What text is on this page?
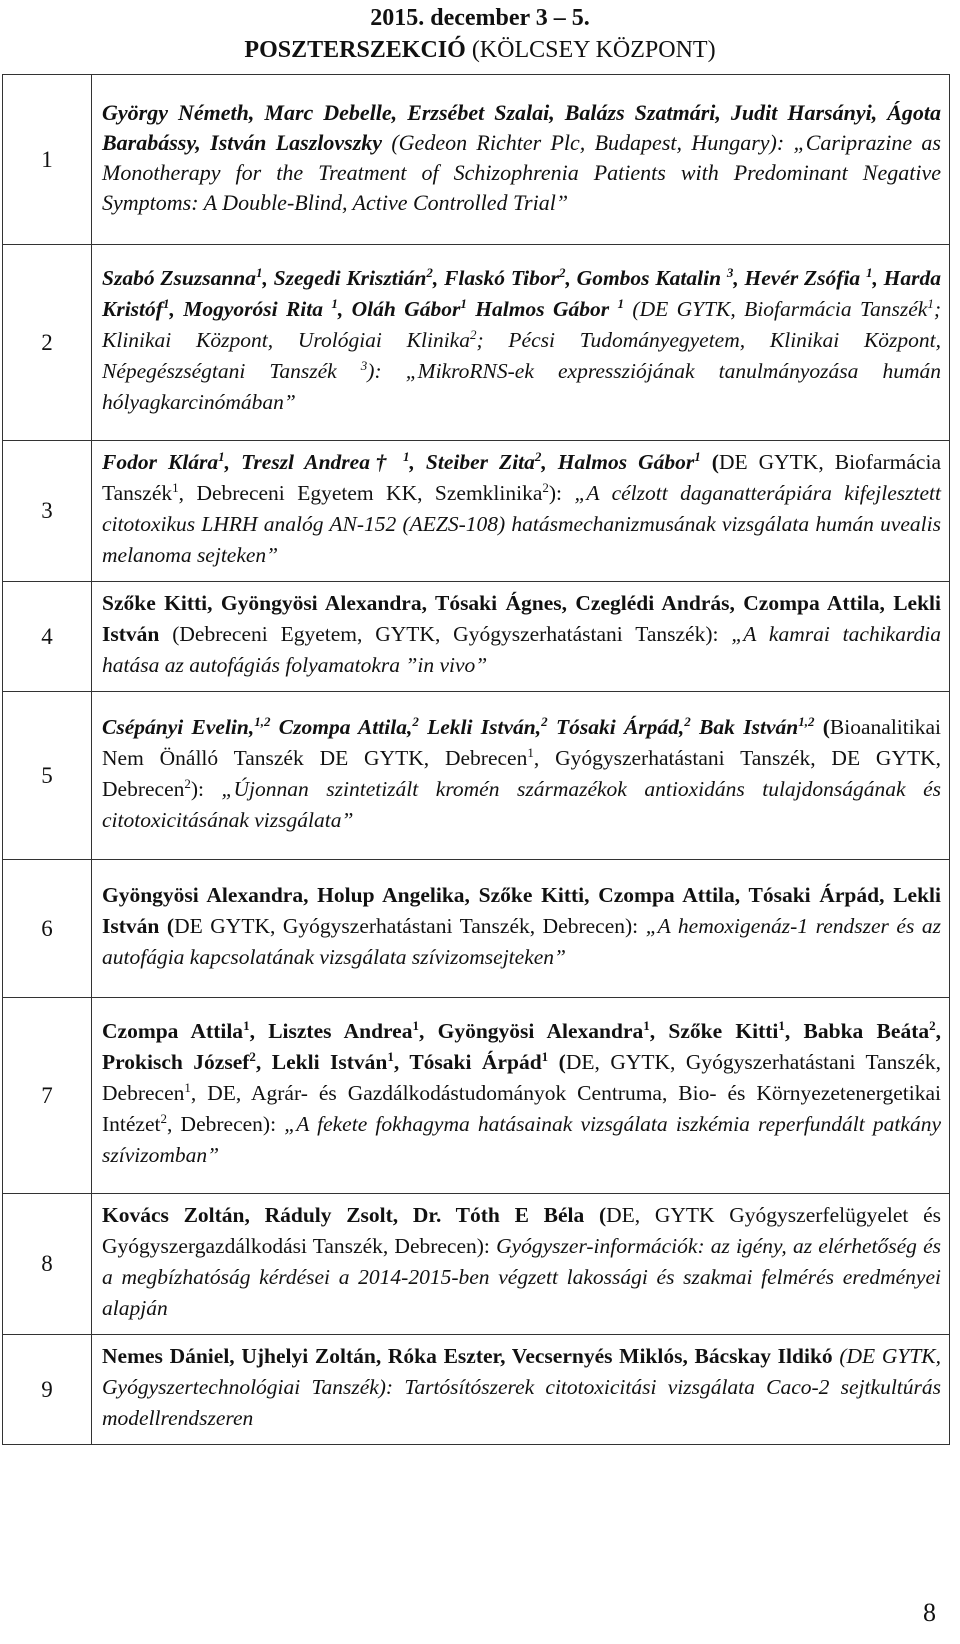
2015. december 3 – 5.
POSZTERSZEKCIÓ (KÖLCSEY KÖZPONT)
1	György Németh, Marc Debelle, Erzsébet Szalai, Balázs Szatmári, Judit Harsányi, Ágota Barabássy, István Laszlovszky (Gedeon Richter Plc, Budapest, Hungary): „Cariprazine as Monotherapy for the Treatment of Schizophrenia Patients with Predominant Negative Symptoms: A Double-Blind, Active Controlled Trial”
2	Szabó Zsuzsanna$^1$, Szegedi Krisztián$^2$, Flaskó Tibor$^2$, Gombos Katalin $^3$, Hevér Zsófia $^1$, Harda Kristóf$^1$, Mogyorósi Rita $^1$, Oláh Gábor$^1$ Halmos Gábor $^1$ (DE GYTK, Biofarmácia Tanszék$^1$; Klinikai Központ, Urológiai Klinika$^2$; Pécsi Tudományegyetem, Klinikai Központ, Népegészségtani Tanszék $^3$): „MikroRNS-ek expressziójának tanulmányozása humán hólyagkarcinómában”
3	Fodor Klára$^1$, Treszl Andrea† $^1$, Steiber Zita$^2$, Halmos Gábor$^1$ (DE GYTK, Biofarmácia Tanszék$^1$, Debreceni Egyetem KK, Szemklinika$^2$): „A célzott daganatterápiára kifejlesztett citotoxikus LHRH analóg AN-152 (AEZS-108) hatásmechanizmusának vizsgálata humán uvealis melanoma sejteken”
4	Szőke Kitti, Gyöngyösi Alexandra, Tósaki Ágnes, Czeglédi András, Czompa Attila, Lekli István (Debreceni Egyetem, GYTK, Gyógyszerhatástani Tanszék): „A kamrai tachikardia hatása az autofágiás folyamatokra ”in vivo”
5	Csépányi Evelin,$^{1,2}$ Czompa Attila,$^2$ Lekli István,$^2$ Tósaki Árpád,$^2$ Bak István$^{1,2}$ (Bioanalitikai Nem Önálló Tanszék DE GYTK, Debrecen$^1$, Gyógyszerhatástani Tanszék, DE GYTK, Debrecen$^2$): „Újonnan szintetizált kromén származékok antioxidáns tulajdonságának és citotoxicitásának vizsgálata”
6	Gyöngyösi Alexandra, Holup Angelika, Szőke Kitti, Czompa Attila, Tósaki Árpád, Lekli István (DE GYTK, Gyógyszerhatástani Tanszék, Debrecen): „A hemoxigenáz-1 rendszer és az autofágia kapcsolatának vizsgálata szívizomsejteken”
7	Czompa Attila$^1$, Lisztes Andrea$^1$, Gyöngyösi Alexandra$^1$, Szőke Kitti$^1$, Babka Beáta$^2$, Prokisch József$^2$, Lekli István$^1$, Tósaki Árpád$^1$ (DE, GYTK, Gyógyszerhatástani Tanszék, Debrecen$^1$, DE, Agrár- és Gazdálkodástudományok Centruma, Bio- és Környezetenergetikai Intézet$^2$, Debrecen): „A fekete fokhagyma hatásainak vizsgálata iszkémia reperfundált patkány szívizomban”
8	Kovács Zoltán, Ráduly Zsolt, Dr. Tóth E Béla (DE, GYTK Gyógyszerfelügyelet és Gyógyszergazdálkodási Tanszék, Debrecen): Gyógyszer-információk: az igény, az elérhetőség és a megbízhatóság kérdései a 2014-2015-ben végzett lakossági és szakmai felmérés eredményei alapján
9	Nemes Dániel, Ujhelyi Zoltán, Róka Eszter, Vecsernyés Miklós, Bácskay Ildikó (DE GYTK, Gyógyszertechnológiai Tanszék): Tartósítószerek citotoxicitási vizsgálata Caco-2 sejtkultúrás modellrendszeren
8
